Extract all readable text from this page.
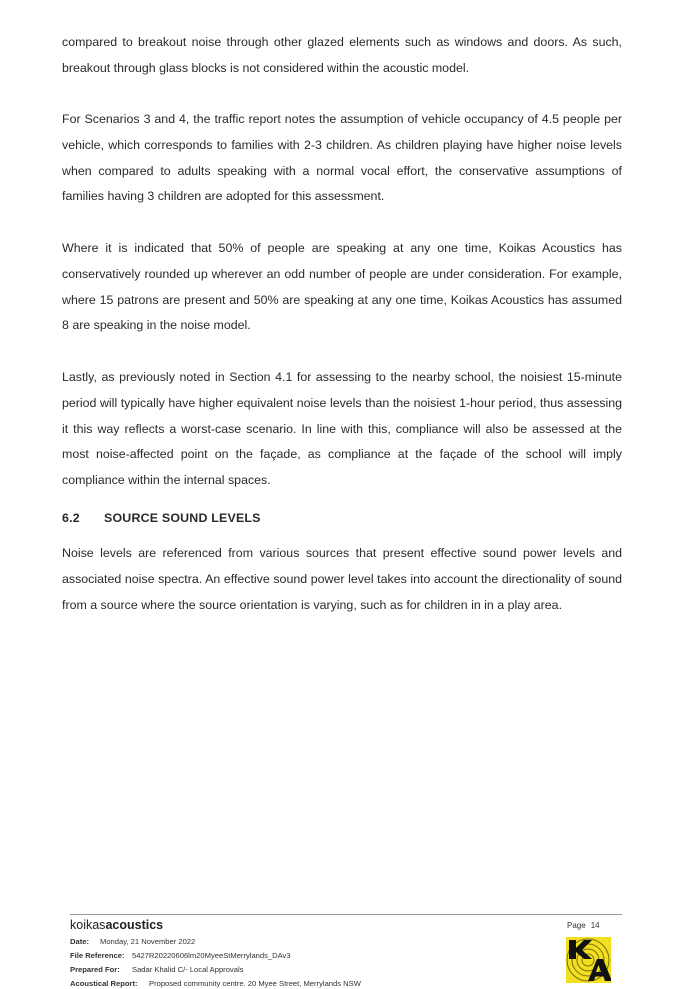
compared to breakout noise through other glazed elements such as windows and doors. As such, breakout through glass blocks is not considered within the acoustic model.

For Scenarios 3 and 4, the traffic report notes the assumption of vehicle occupancy of 4.5 people per vehicle, which corresponds to families with 2-3 children. As children playing have higher noise levels when compared to adults speaking with a normal vocal effort, the conservative assumptions of families having 3 children are adopted for this assessment.

Where it is indicated that 50% of people are speaking at any one time, Koikas Acoustics has conservatively rounded up wherever an odd number of people are under consideration. For example, where 15 patrons are present and 50% are speaking at any one time, Koikas Acoustics has assumed 8 are speaking in the noise model.

Lastly, as previously noted in Section 4.1 for assessing to the nearby school, the noisiest 15-minute period will typically have higher equivalent noise levels than the noisiest 1-hour period, thus assessing it this way reflects a worst-case scenario. In line with this, compliance will also be assessed at the most noise-affected point on the façade, as compliance at the façade of the school will imply compliance within the internal spaces.

6.2 SOURCE SOUND LEVELS

Noise levels are referenced from various sources that present effective sound power levels and associated noise spectra. An effective sound power level takes into account the directionality of sound from a source where the source orientation is varying, such as for children in in a play area.

koikasacoustics
Date: Monday, 21 November 2022
File Reference: 5427R20220606lm20MyeeStMerrylands_DAv3
Prepared For: Sadar Khalid C/- Local Approvals
Acoustical Report: Proposed community centre. 20 Myee Street, Merrylands NSW
Page 14
